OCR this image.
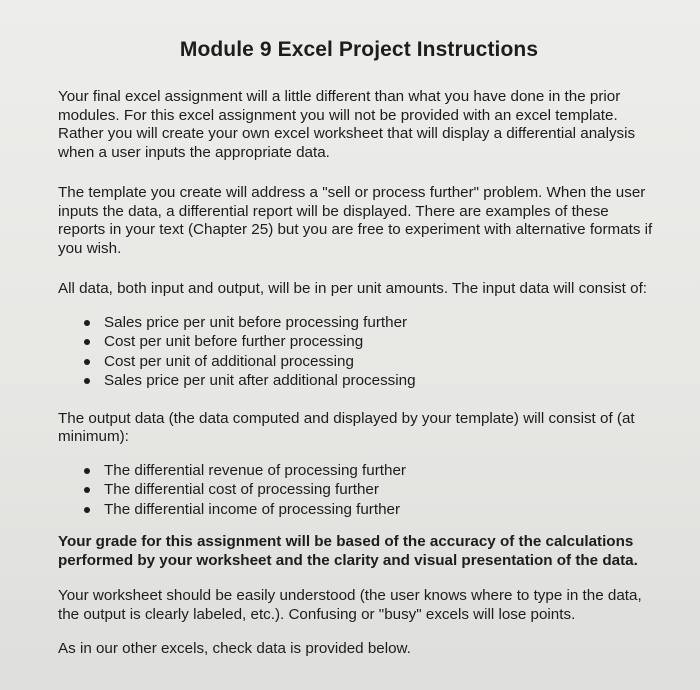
Module 9 Excel Project Instructions

Your final excel assignment will a little different than what you have done in the prior modules. For this excel assignment you will not be provided with an excel template. Rather you will create your own excel worksheet that will display a differential analysis when a user inputs the appropriate data.

The template you create will address a "sell or process further" problem. When the user inputs the data, a differential report will be displayed. There are examples of these reports in your text (Chapter 25) but you are free to experiment with alternative formats if you wish.

All data, both input and output, will be in per unit amounts. The input data will consist of:

Sales price per unit before processing further
Cost per unit before further processing
Cost per unit of additional processing
Sales price per unit after additional processing

The output data (the data computed and displayed by your template) will consist of (at minimum):

The differential revenue of processing further
The differential cost of processing further
The differential income of processing further

Your grade for this assignment will be based of the accuracy of the calculations performed by your worksheet and the clarity and visual presentation of the data.

Your worksheet should be easily understood (the user knows where to type in the data, the output is clearly labeled, etc.). Confusing or "busy" excels will lose points.

As in our other excels, check data is provided below.
